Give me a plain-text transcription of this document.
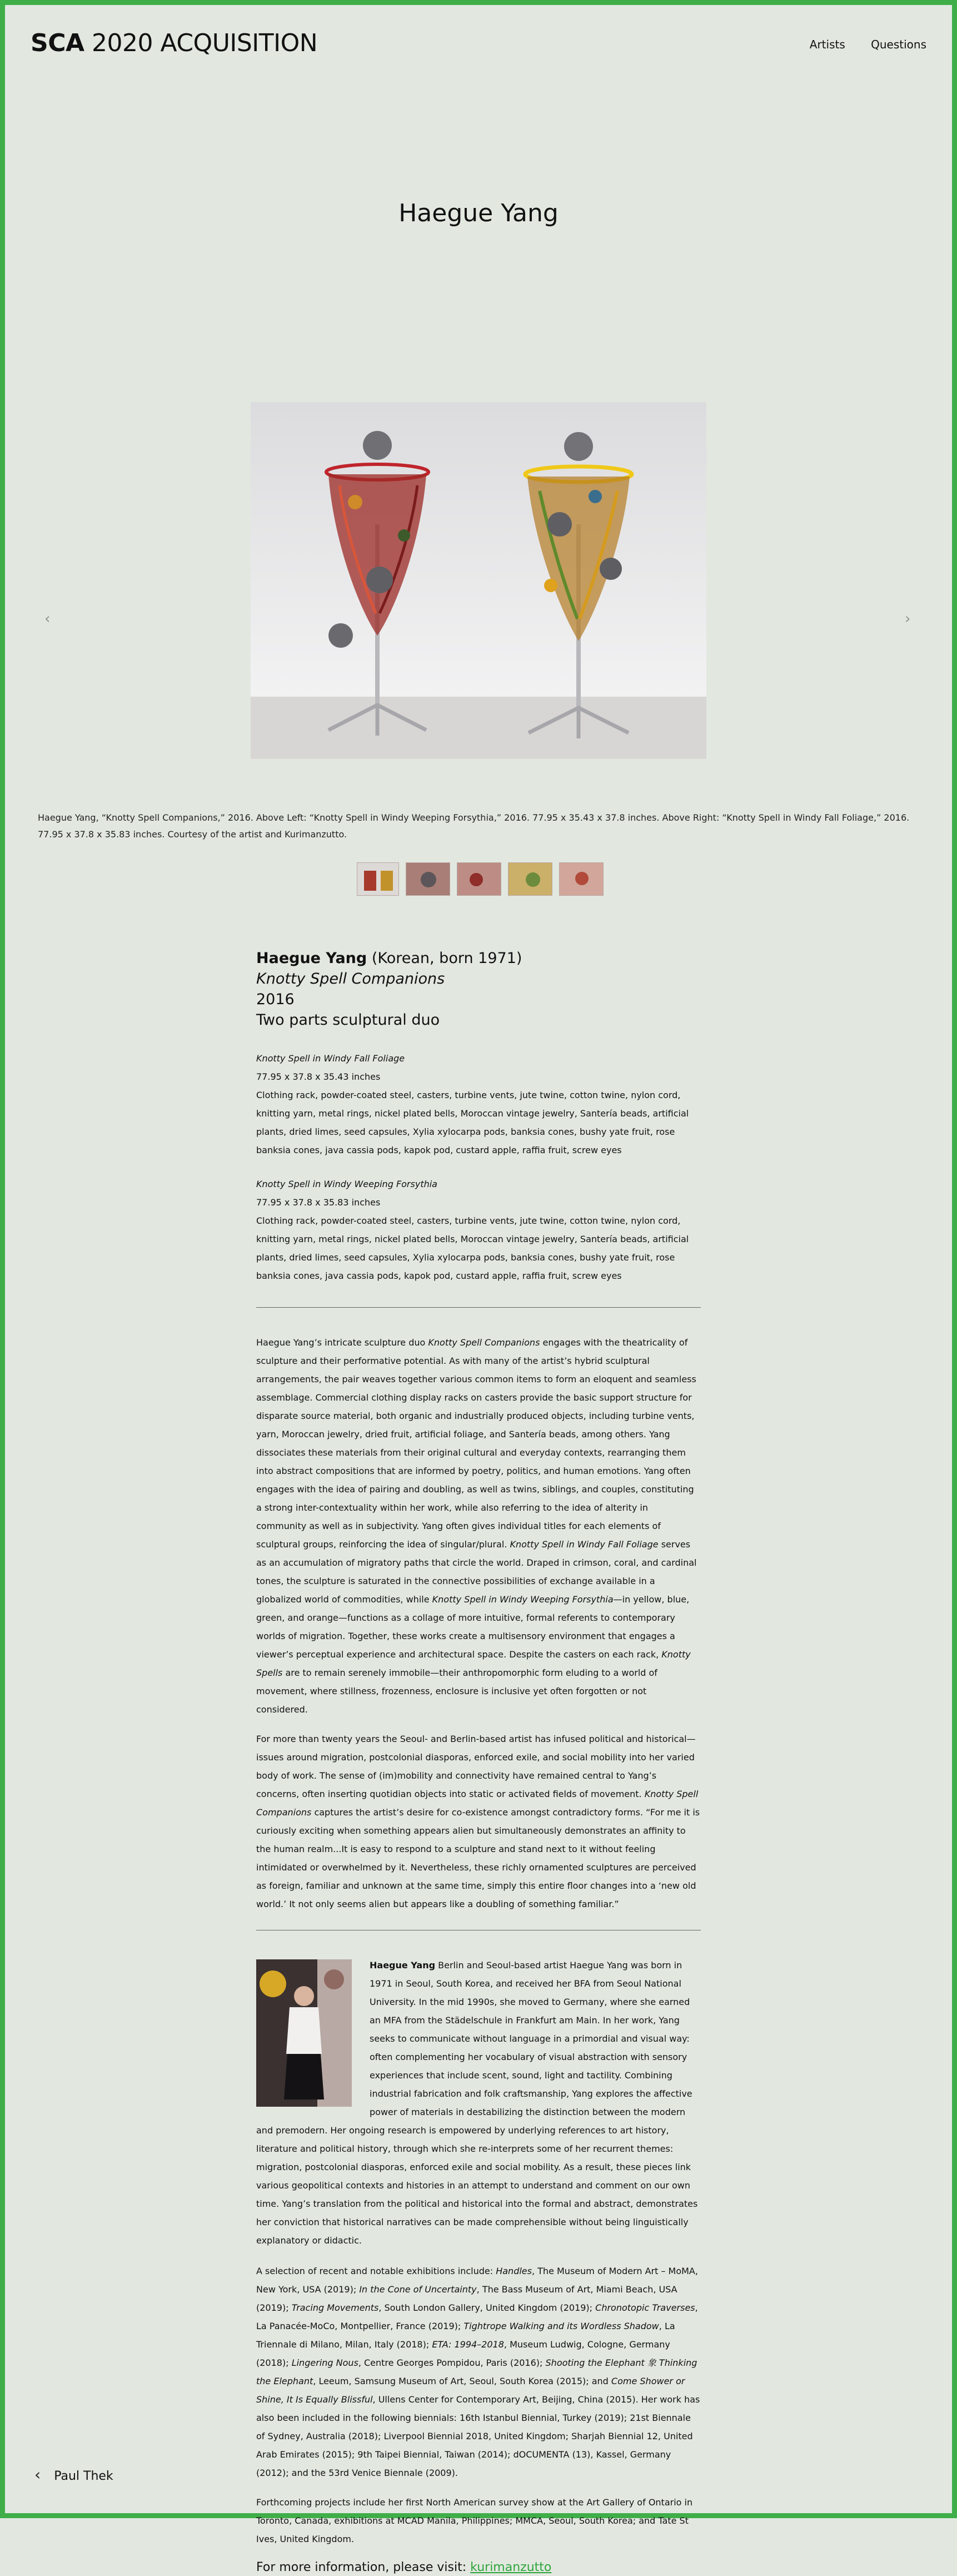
SCA 2020 ACQUISITION	Artists Questions
Haegue Yang
‹	›
Haegue Yang, “Knotty Spell Companions,” 2016. Above Left: “Knotty Spell in Windy Weeping Forsythia,” 2016. 77.95 x 35.43 x 37.8 inches. Above Right: “Knotty Spell in Windy Fall Foliage,” 2016. 77.95 x 37.8 x 35.83 inches. Courtesy of the artist and Kurimanzutto.
Haegue Yang (Korean, born 1971)
Knotty Spell Companions
2016
Two parts sculptural duo
Knotty Spell in Windy Fall Foliage
77.95 x 37.8 x 35.43 inches
Clothing rack, powder-coated steel, casters, turbine vents, jute twine, cotton twine, nylon cord, knitting yarn, metal rings, nickel plated bells, Moroccan vintage jewelry, Santería beads, artificial plants, dried limes, seed capsules, Xylia xylocarpa pods, banksia cones, bushy yate fruit, rose banksia cones, java cassia pods, kapok pod, custard apple, raffia fruit, screw eyes
Knotty Spell in Windy Weeping Forsythia
77.95 x 37.8 x 35.83 inches
Clothing rack, powder-coated steel, casters, turbine vents, jute twine, cotton twine, nylon cord, knitting yarn, metal rings, nickel plated bells, Moroccan vintage jewelry, Santería beads, artificial plants, dried limes, seed capsules, Xylia xylocarpa pods, banksia cones, bushy yate fruit, rose banksia cones, java cassia pods, kapok pod, custard apple, raffia fruit, screw eyes

Haegue Yang’s intricate sculpture duo Knotty Spell Companions engages with the theatricality of sculpture and their performative potential. As with many of the artist’s hybrid sculptural arrangements, the pair weaves together various common items to form an eloquent and seamless assemblage. Commercial clothing display racks on casters provide the basic support structure for disparate source material, both organic and industrially produced objects, including turbine vents, yarn, Moroccan jewelry, dried fruit, artificial foliage, and Santería beads, among others. Yang dissociates these materials from their original cultural and everyday contexts, rearranging them into abstract compositions that are informed by poetry, politics, and human emotions. Yang often engages with the idea of pairing and doubling, as well as twins, siblings, and couples, constituting a strong inter-contextuality within her work, while also referring to the idea of alterity in community as well as in subjectivity. Yang often gives individual titles for each elements of sculptural groups, reinforcing the idea of singular/plural. Knotty Spell in Windy Fall Foliage serves as an accumulation of migratory paths that circle the world. Draped in crimson, coral, and cardinal tones, the sculpture is saturated in the connective possibilities of exchange available in a globalized world of commodities, while Knotty Spell in Windy Weeping Forsythia—in yellow, blue, green, and orange—functions as a collage of more intuitive, formal referents to contemporary worlds of migration. Together, these works create a multisensory environment that engages a viewer’s perceptual experience and architectural space. Despite the casters on each rack, Knotty Spells are to remain serenely immobile—their anthropomorphic form eluding to a world of movement, where stillness, frozenness, enclosure is inclusive yet often forgotten or not considered.

For more than twenty years the Seoul- and Berlin-based artist has infused political and historical—issues around migration, postcolonial diasporas, enforced exile, and social mobility into her varied body of work. The sense of (im)mobility and connectivity have remained central to Yang’s concerns, often inserting quotidian objects into static or activated fields of movement. Knotty Spell Companions captures the artist’s desire for co-existence amongst contradictory forms. “For me it is curiously exciting when something appears alien but simultaneously demonstrates an affinity to the human realm...It is easy to respond to a sculpture and stand next to it without feeling intimidated or overwhelmed by it. Nevertheless, these richly ornamented sculptures are perceived as foreign, familiar and unknown at the same time, simply this entire floor changes into a ‘new old world.’ It not only seems alien but appears like a doubling of something familiar.”

Haegue Yang Berlin and Seoul-based artist Haegue Yang was born in 1971 in Seoul, South Korea, and received her BFA from Seoul National University. In the mid 1990s, she moved to Germany, where she earned an MFA from the Städelschule in Frankfurt am Main. In her work, Yang seeks to communicate without language in a primordial and visual way: often complementing her vocabulary of visual abstraction with sensory experiences that include scent, sound, light and tactility. Combining industrial fabrication and folk craftsmanship, Yang explores the affective power of materials in destabilizing the distinction between the modern and premodern. Her ongoing research is empowered by underlying references to art history, literature and political history, through which she re-interprets some of her recurrent themes: migration, postcolonial diasporas, enforced exile and social mobility. As a result, these pieces link various geopolitical contexts and histories in an attempt to understand and comment on our own time. Yang’s translation from the political and historical into the formal and abstract, demonstrates her conviction that historical narratives can be made comprehensible without being linguistically explanatory or didactic.

A selection of recent and notable exhibitions include: Handles, The Museum of Modern Art – MoMA, New York, USA (2019); In the Cone of Uncertainty, The Bass Museum of Art, Miami Beach, USA (2019); Tracing Movements, South London Gallery, United Kingdom (2019); Chronotopic Traverses, La Panacée-MoCo, Montpellier, France (2019); Tightrope Walking and its Wordless Shadow, La Triennale di Milano, Milan, Italy (2018); ETA: 1994–2018, Museum Ludwig, Cologne, Germany (2018); Lingering Nous, Centre Georges Pompidou, Paris (2016); Shooting the Elephant 象 Thinking the Elephant, Leeum, Samsung Museum of Art, Seoul, South Korea (2015); and Come Shower or Shine, It Is Equally Blissful, Ullens Center for Contemporary Art, Beijing, China (2015). Her work has also been included in the following biennials: 16th Istanbul Biennial, Turkey (2019); 21st Biennale of Sydney, Australia (2018); Liverpool Biennial 2018, United Kingdom; Sharjah Biennial 12, United Arab Emirates (2015); 9th Taipei Biennial, Taiwan (2014); dOCUMENTA (13), Kassel, Germany (2012); and the 53rd Venice Biennale (2009).

Forthcoming projects include her first North American survey show at the Art Gallery of Ontario in Toronto, Canada, exhibitions at MCAD Manila, Philippines; MMCA, Seoul, South Korea; and Tate St Ives, United Kingdom.

For more information, please visit: kurimanzutto
‹ Paul Thek
